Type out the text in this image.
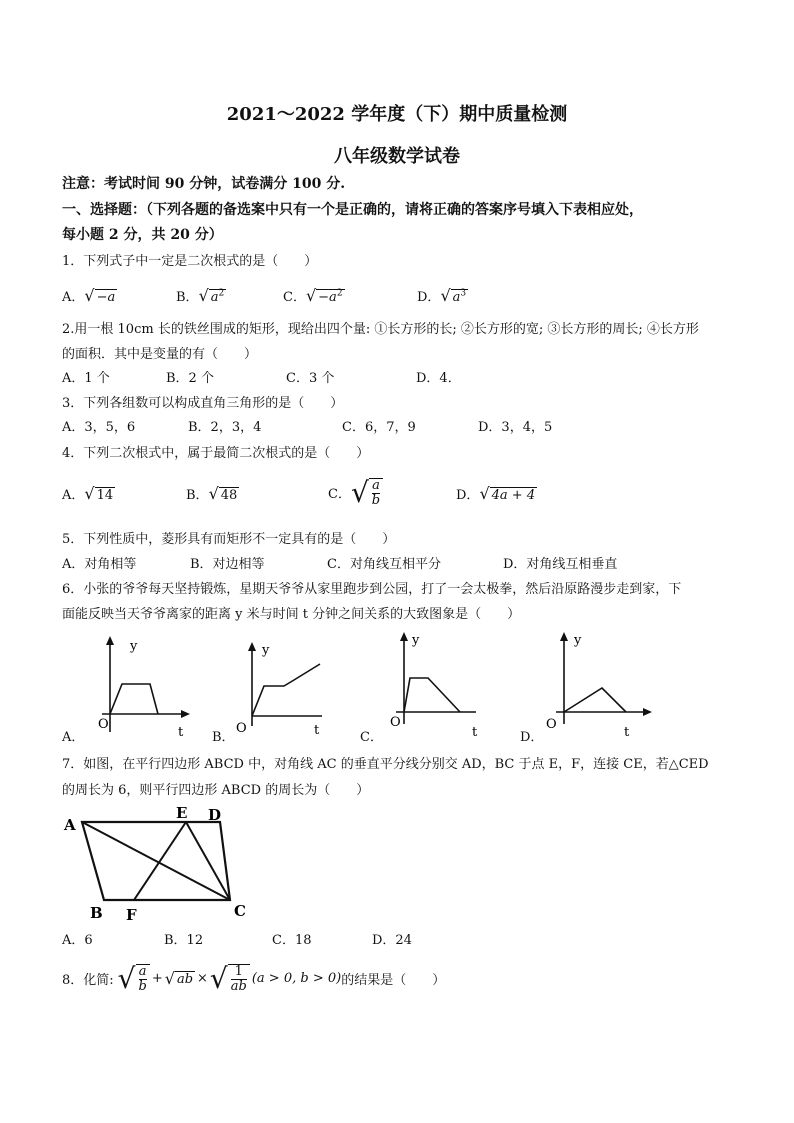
2021～2022 学年度（下）期中质量检测
八年级数学试卷
注意：考试时间 90 分钟，试卷满分 100 分.
一、选择题：（下列各题的备选案中只有一个是正确的，请将正确的答案序号填入下表相应处，
每小题 2 分，共 20 分）
1．下列式子中一定是二次根式的是（　　）
A．√ −a	B．√ $a^2$	C．√ $-a^2$	D．√ $a^3$
2.用一根 10cm 长的铁丝围成的矩形，现给出四个量: ①长方形的长; ②长方形的宽; ③长方形的周长; ④长方形
的面积．其中是变量的有（　　）
A．1 个	B．2 个	C．3 个	D．4．
3．下列各组数可以构成直角三角形的是（　　）
A．3，5，6	B．2，3，4	C．6，7，9	D．3，4，5
4．下列二次根式中，属于最简二次根式的是（　　）
A．√ 14	B．√ 48	C．√ $\frac{a}{b}$	D．√ 4a + 4
5．下列性质中，菱形具有而矩形不一定具有的是（　　）
A．对角相等	B．对边相等	C．对角线互相平分	D．对角线互相垂直
6．小张的爷爷每天坚持锻炼，星期天爷爷从家里跑步到公园，打了一会太极拳，然后沿原路漫步走到家，下
面能反映当天爷爷离家的距离 y 米与时间 t 分钟之间关系的大致图象是（　　）
A．
y
O
t B．
y
O	t	C．
y
O
t	D．
y
O
t
7．如图，在平行四边形 ABCD 中，对角线 AC 的垂直平分线分别交 AD，BC 于点 E，F，连接 CE，若△CED
的周长为 6，则平行四边形 ABCD 的周长为（　　）
A
E D
B F	C
A．6	B．12	C．18	D．24
8．化简: √ a
b + √ ab × √ 1
ab (a > 0, b > 0) 的结果是（　　）
